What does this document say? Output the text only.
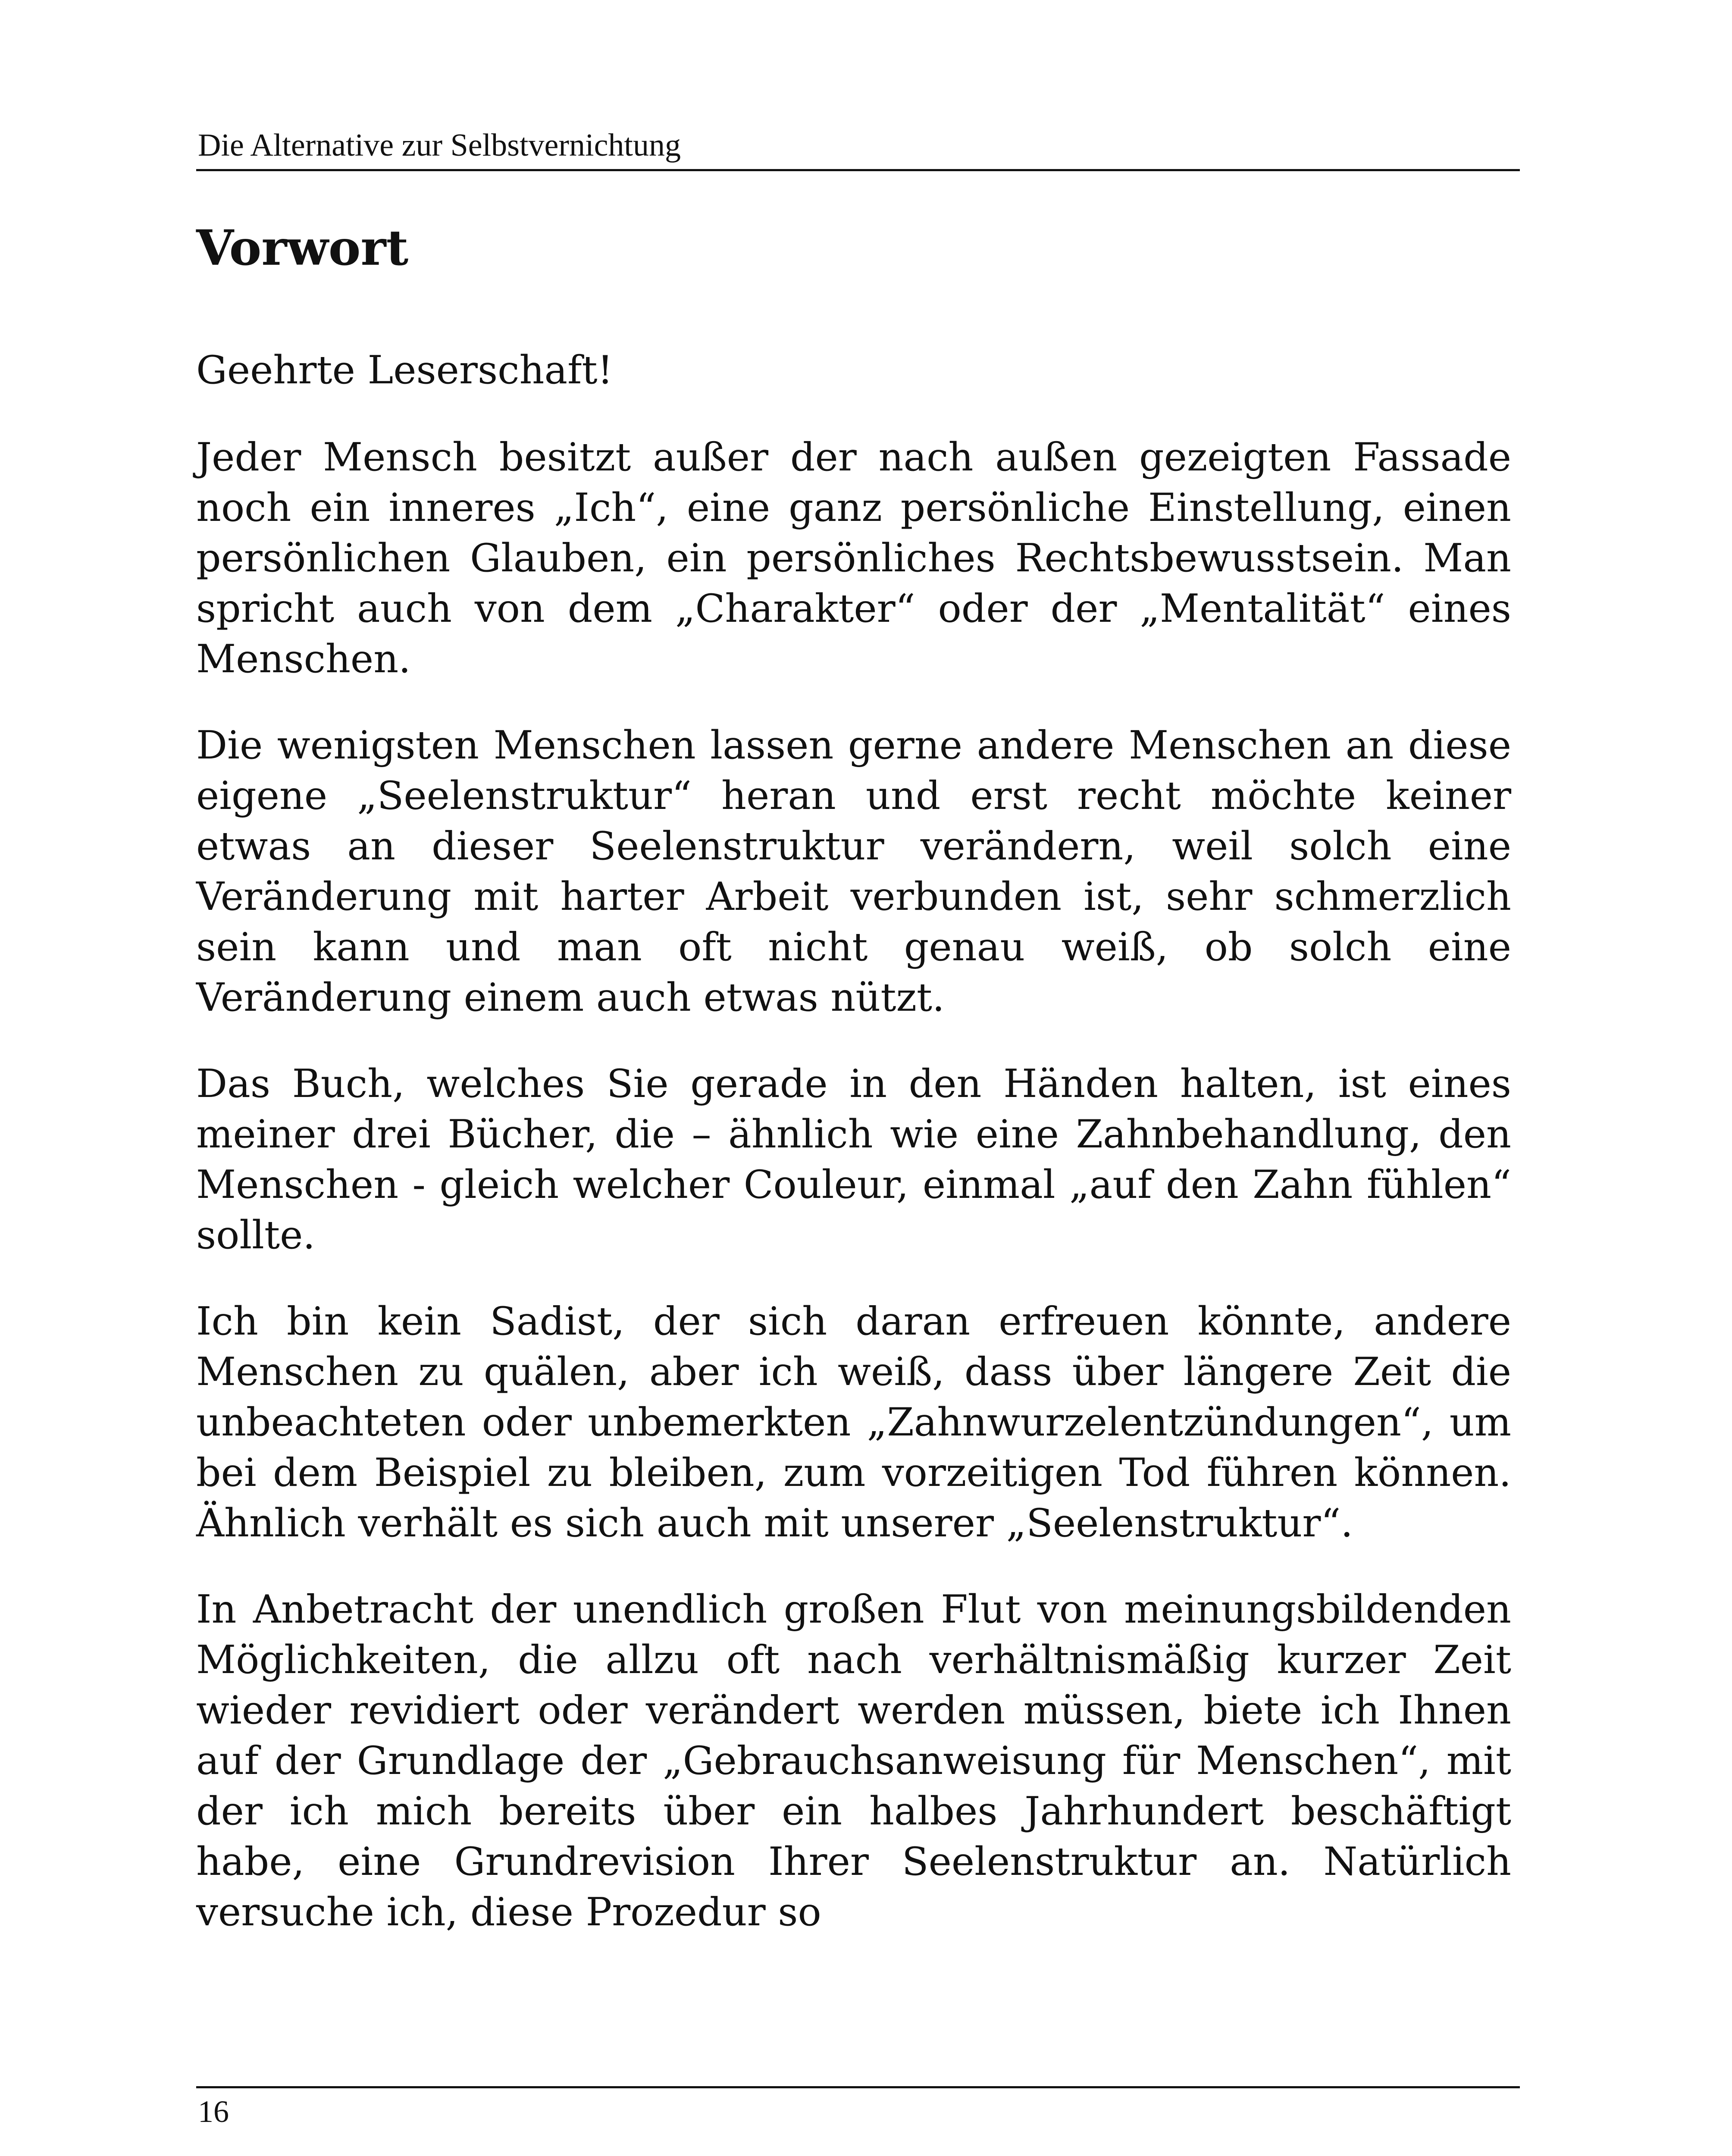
Die Alternative zur Selbstvernichtung
Vorwort

Geehrte Leserschaft!

Jeder Mensch besitzt außer der nach außen gezeigten Fassade noch ein inneres „Ich“, eine ganz persönliche Einstellung, einen persönlichen Glauben, ein persönliches Rechtsbewusstsein. Man spricht auch von dem „Charakter“ oder der „Mentalität“ eines Menschen.

Die wenigsten Menschen lassen gerne andere Menschen an diese eigene „Seelenstruktur“ heran und erst recht möchte keiner etwas an dieser Seelenstruktur verändern, weil solch eine Veränderung mit harter Arbeit verbunden ist, sehr schmerzlich sein kann und man oft nicht genau weiß, ob solch eine Veränderung einem auch etwas nützt.

Das Buch, welches Sie gerade in den Händen halten, ist eines meiner drei Bücher, die – ähnlich wie eine Zahnbehandlung, den Menschen - gleich welcher Couleur, einmal „auf den Zahn fühlen“ sollte.

Ich bin kein Sadist, der sich daran erfreuen könnte, andere Menschen zu quälen, aber ich weiß, dass über längere Zeit die unbeachteten oder unbemerkten „Zahnwurzelentzündungen“, um bei dem Beispiel zu bleiben, zum vorzeitigen Tod führen können. Ähnlich verhält es sich auch mit unserer „Seelenstruktur“.

In Anbetracht der unendlich großen Flut von meinungsbildenden Möglichkeiten, die allzu oft nach verhältnismäßig kurzer Zeit wieder revidiert oder verändert werden müssen, biete ich Ihnen auf der Grundlage der „Gebrauchsanweisung für Menschen“, mit der ich mich bereits über ein halbes Jahrhundert beschäftigt habe, eine Grundrevision Ihrer Seelenstruktur an. Natürlich versuche ich, diese Prozedur so

16
